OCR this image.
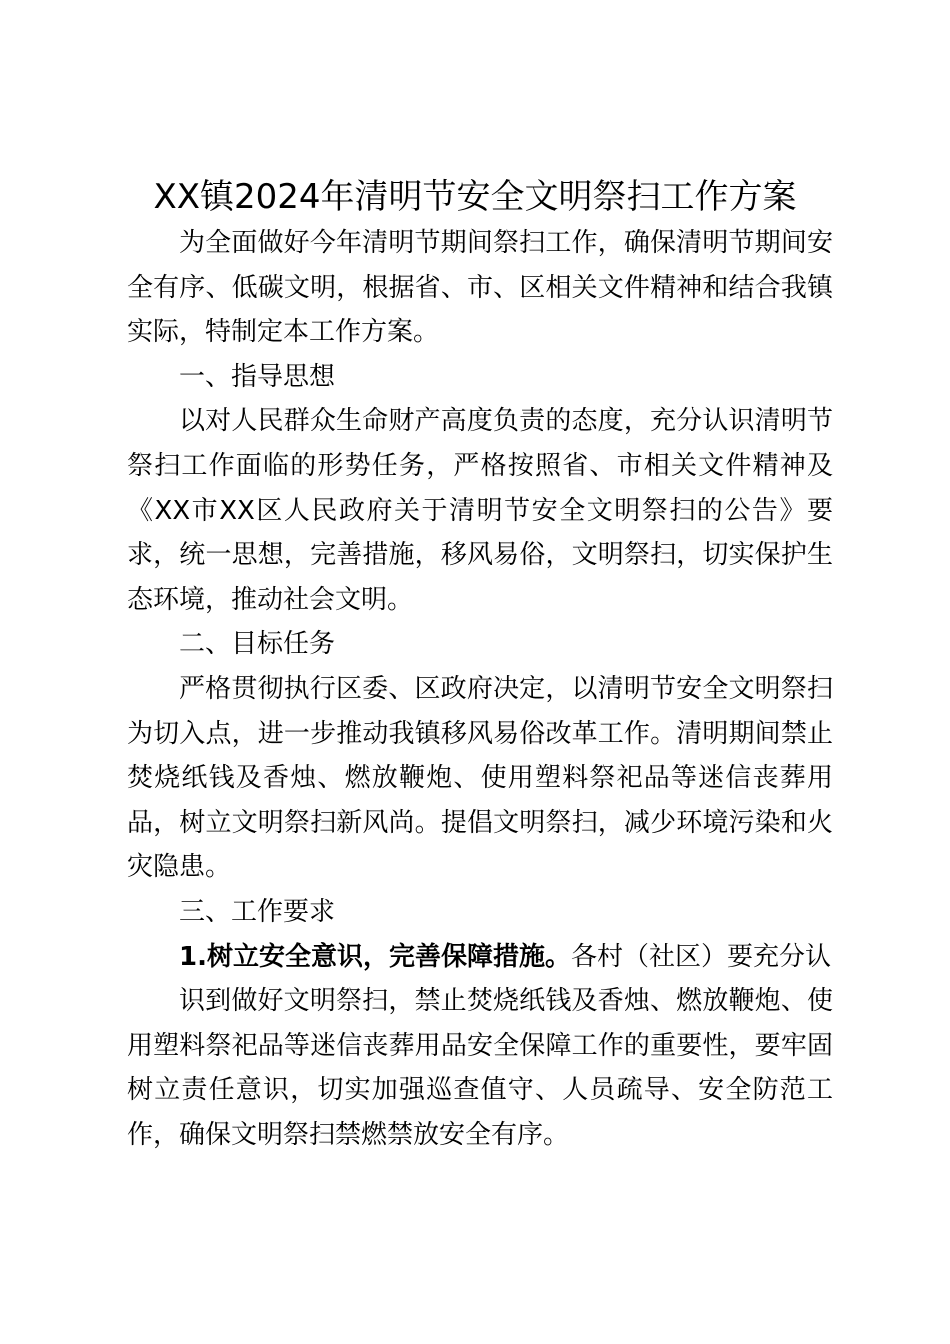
XX镇2024年清明节安全文明祭扫工作方案
为全面做好今年清明节期间祭扫工作，确保清明节期间安
全有序、低碳文明，根据省、市、区相关文件精神和结合我镇
实际，特制定本工作方案。
一、指导思想
以对人民群众生命财产高度负责的态度，充分认识清明节
祭扫工作面临的形势任务，严格按照省、市相关文件精神及
《XX市XX区人民政府关于清明节安全文明祭扫的公告》要
求，统一思想，完善措施，移风易俗，文明祭扫，切实保护生
态环境，推动社会文明。
二、目标任务
严格贯彻执行区委、区政府决定，以清明节安全文明祭扫
为切入点，进一步推动我镇移风易俗改革工作。清明期间禁止
焚烧纸钱及香烛、燃放鞭炮、使用塑料祭祀品等迷信丧葬用
品，树立文明祭扫新风尚。提倡文明祭扫，减少环境污染和火
灾隐患。
三、工作要求
1.树立安全意识，完善保障措施。各村（社区）要充分认
识到做好文明祭扫，禁止焚烧纸钱及香烛、燃放鞭炮、使
用塑料祭祀品等迷信丧葬用品安全保障工作的重要性，要牢固
树立责任意识，切实加强巡查值守、人员疏导、安全防范工
作，确保文明祭扫禁燃禁放安全有序。
